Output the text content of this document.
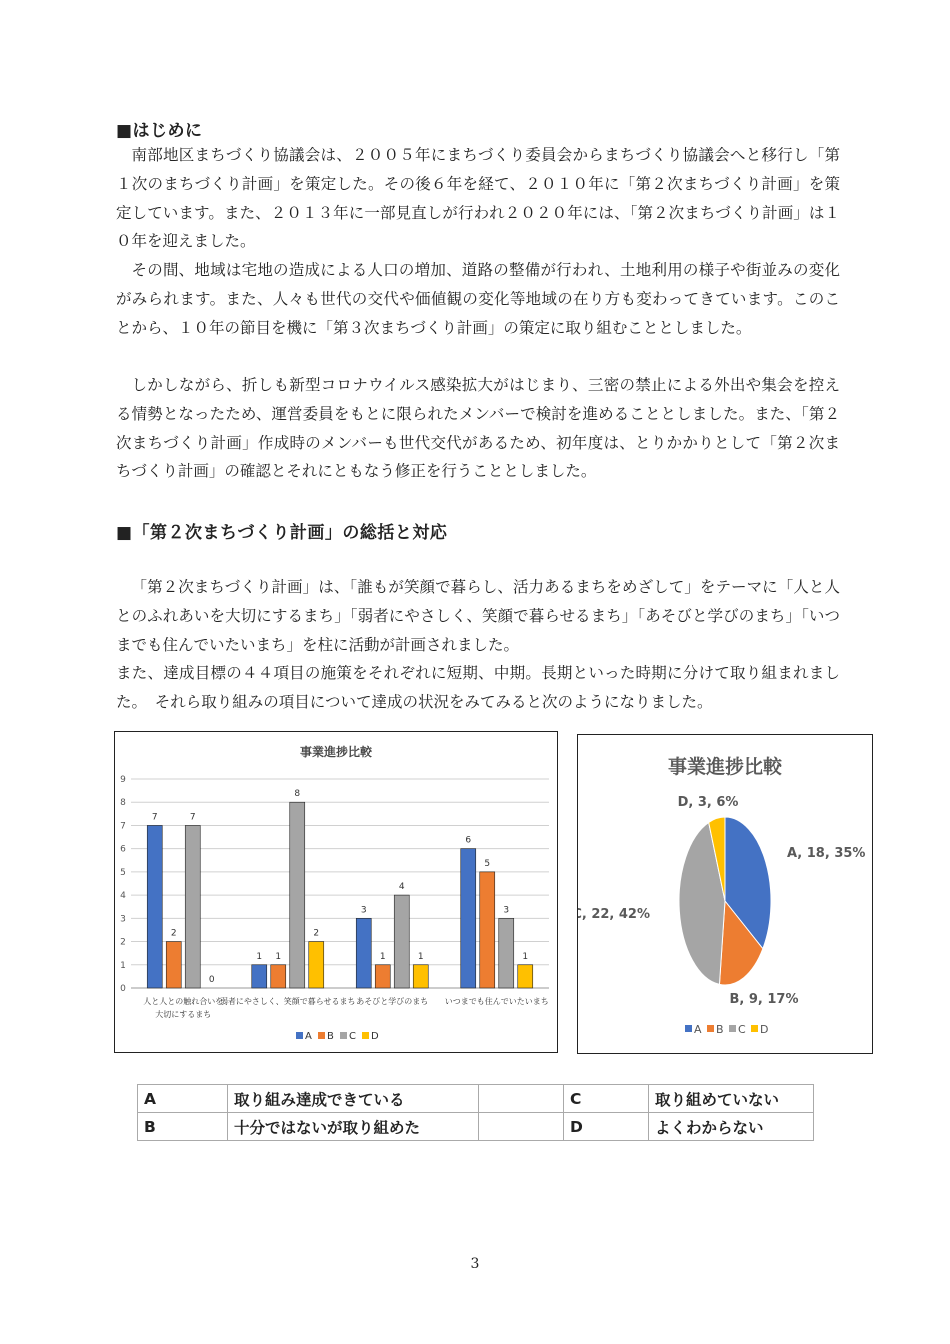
■はじめに

南部地区まちづくり協議会は、２００５年にまちづくり委員会からまちづくり協議会へと移行し「第１次のまちづくり計画」を策定した。その後６年を経て、２０１０年に「第２次まちづくり計画」を策定しています。また、２０１３年に一部見直しが行われ２０２０年には、「第２次まちづくり計画」は１０年を迎えました。

その間、地域は宅地の造成による人口の増加、道路の整備が行われ、土地利用の様子や街並みの変化がみられます。また、人々も世代の交代や価値観の変化等地域の在り方も変わってきています。このことから、１０年の節目を機に「第３次まちづくり計画」の策定に取り組むこととしました。

しかしながら、折しも新型コロナウイルス感染拡大がはじまり、三密の禁止による外出や集会を控える情勢となったため、運営委員をもとに限られたメンバーで検討を進めることとしました。また、「第２次まちづくり計画」作成時のメンバーも世代交代があるため、初年度は、とりかかりとして「第２次まちづくり計画」の確認とそれにともなう修正を行うこととしました。

■「第２次まちづくり計画」の総括と対応

「第２次まちづくり計画」は、「誰もが笑顔で暮らし、活力あるまちをめざして」をテーマに「人と人とのふれあいを大切にするまち」「弱者にやさしく、笑顔で暮らせるまち」「あそびと学びのまち」「いつまでも住んでいたいまち」を柱に活動が計画されました。

また、達成目標の４４項目の施策をそれぞれに短期、中期。長期といった時期に分けて取り組まれました。　それら取り組みの項目について達成の状況をみてみると次のようになりました。

事業進捗比較
0
1
2
3
4
5
6
7
8
9
7
2
7
0
人と人との触れ合いを
大切にするまち
1 1
8
2
弱者にやさしく、笑顔で暮らせるまち
3
1
4
1
あそびと学びのまち
6
5
3
1
いつまでも住んでいたいまち
A B C D
事業進捗比較
A, 18, 35%
B, 9, 17%
C, 22, 42%
D, 3, 6%
A B C D
A	取り組み達成できている		C	取り組めていない
B	十分ではないが取り組めた		D	よくわからない
3
